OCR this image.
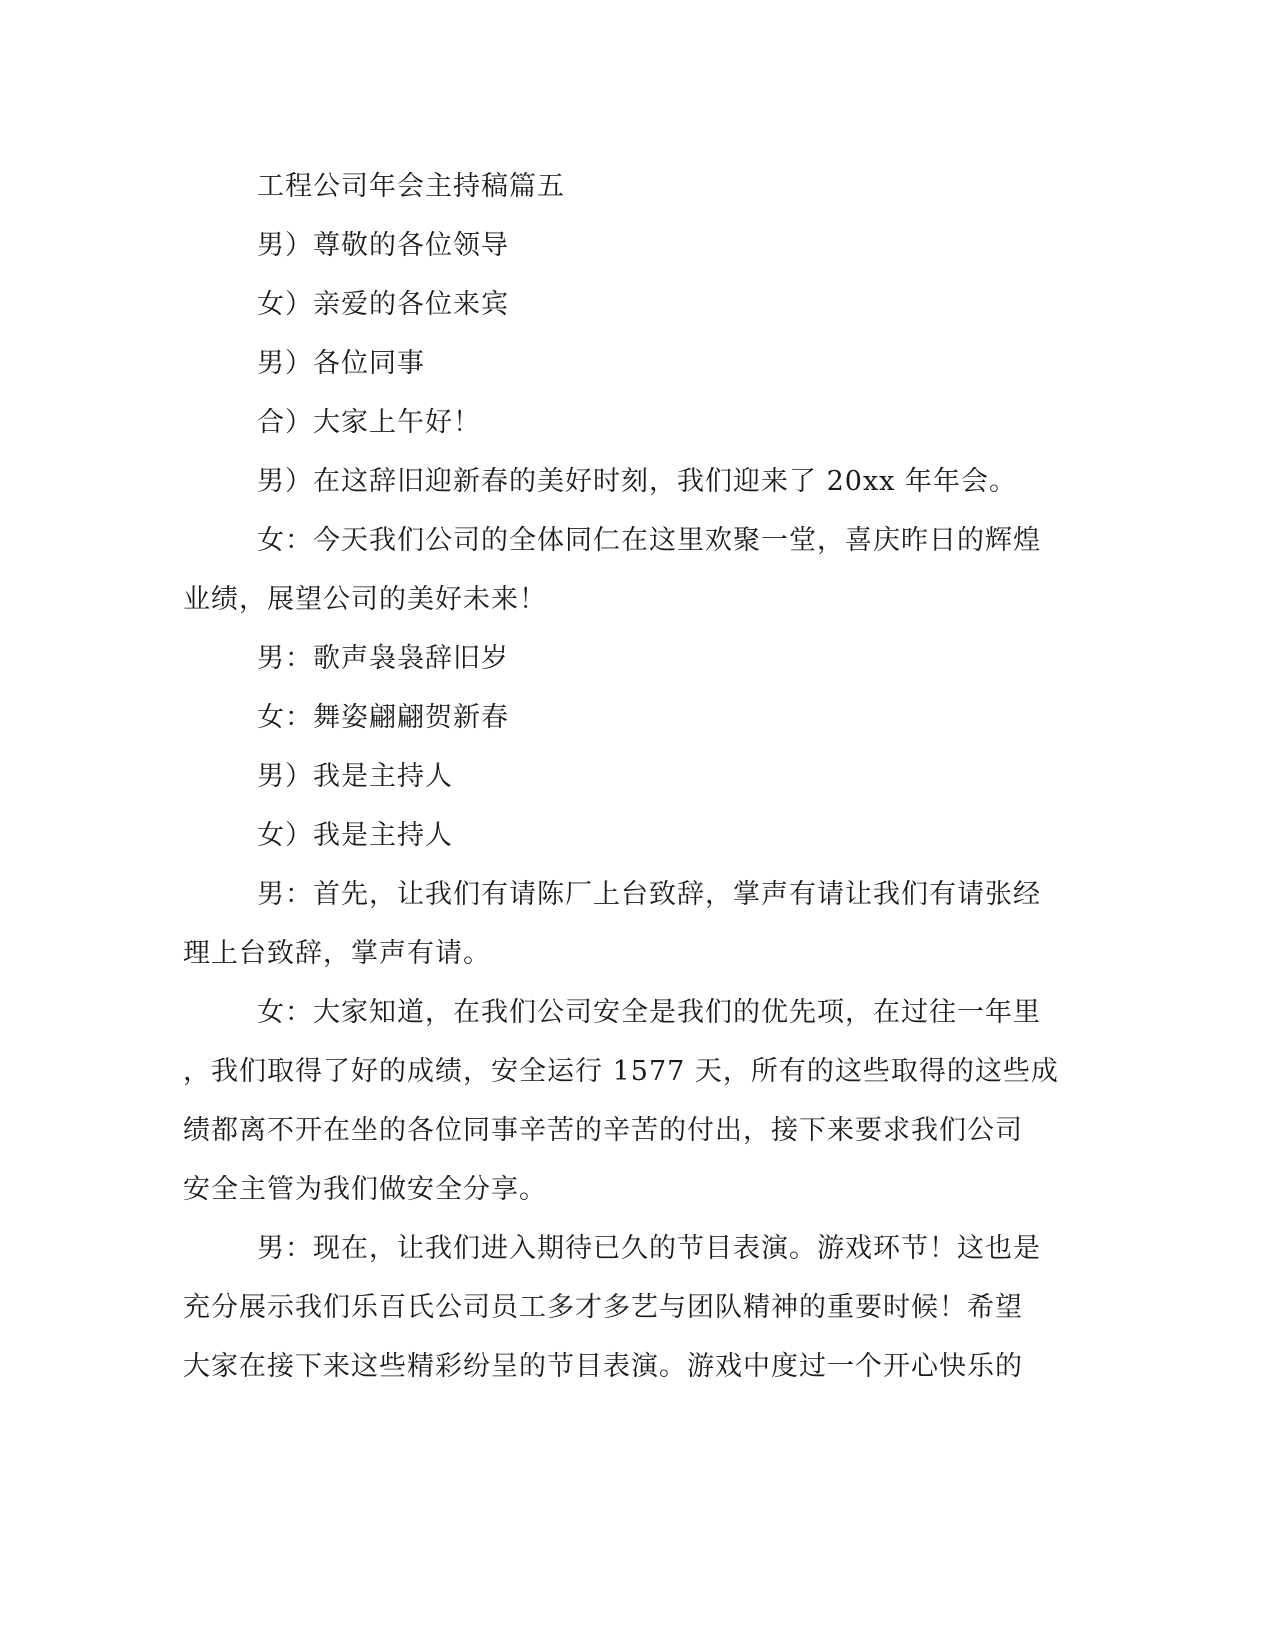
工程公司年会主持稿篇五

男）尊敬的各位领导

女）亲爱的各位来宾

男）各位同事

合）大家上午好！

男）在这辞旧迎新春的美好时刻，我们迎来了 20xx 年年会。

女：今天我们公司的全体同仁在这里欢聚一堂，喜庆昨日的辉煌

业绩，展望公司的美好未来！

男：歌声袅袅辞旧岁

女：舞姿翩翩贺新春

男）我是主持人

女）我是主持人

男：首先，让我们有请陈厂上台致辞，掌声有请让我们有请张经

理上台致辞，掌声有请。

女：大家知道，在我们公司安全是我们的优先项，在过往一年里

，我们取得了好的成绩，安全运行 1577 天，所有的这些取得的这些成

绩都离不开在坐的各位同事辛苦的辛苦的付出，接下来要求我们公司

安全主管为我们做安全分享。

男：现在，让我们进入期待已久的节目表演。游戏环节！这也是

充分展示我们乐百氏公司员工多才多艺与团队精神的重要时候！希望

大家在接下来这些精彩纷呈的节目表演。游戏中度过一个开心快乐的
